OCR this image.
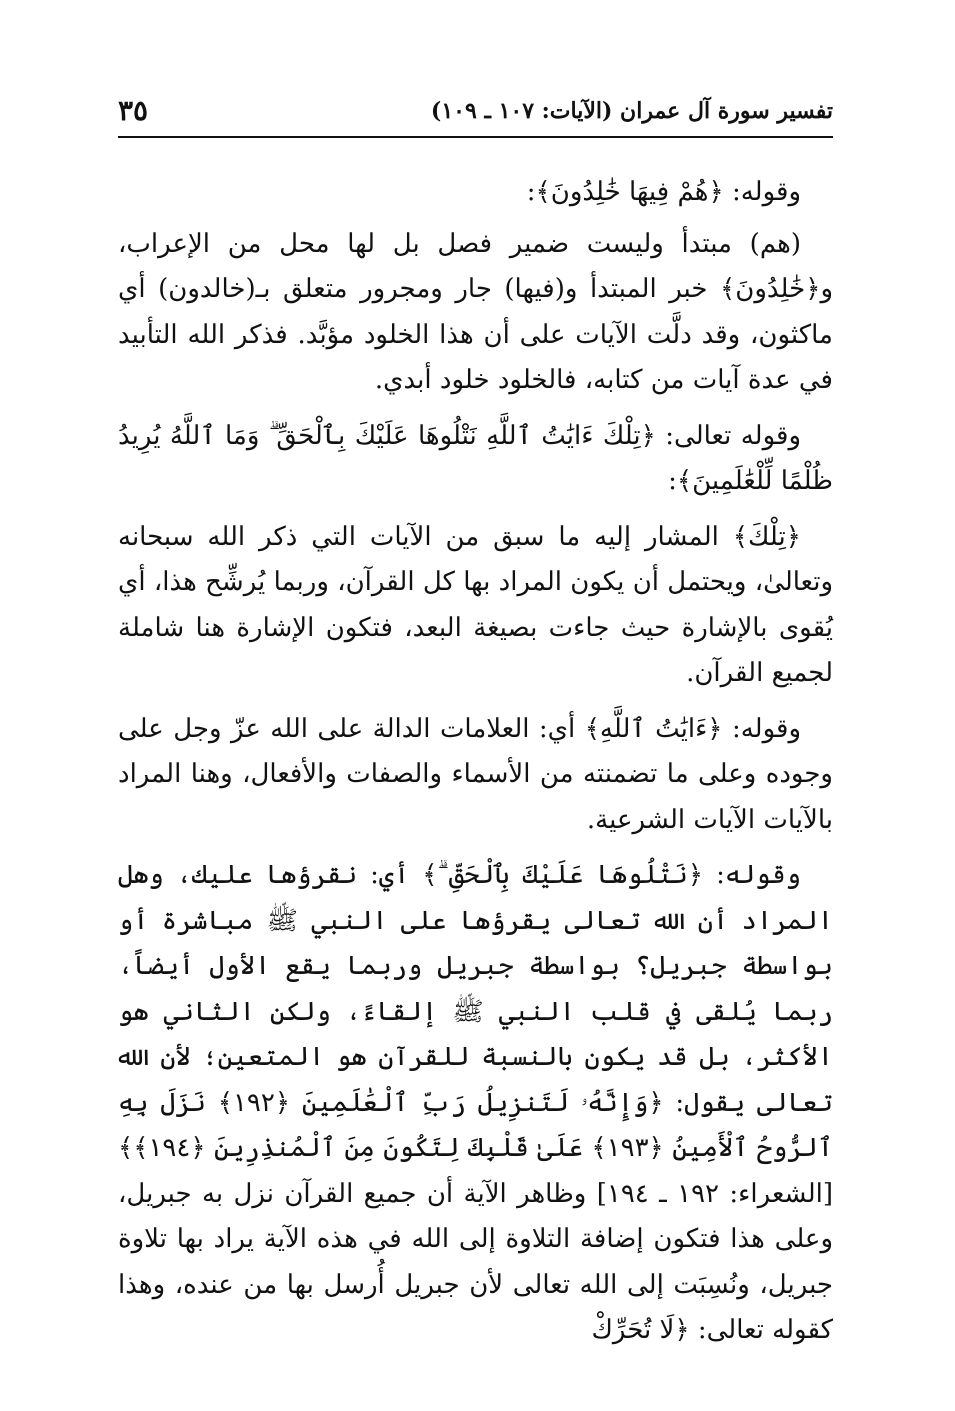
تفسير سورة آل عمران (الآيات: ١٠٧ ـ ١٠٩)
٣٥

وقوله: ﴿هُمْ فِيهَا خَٰلِدُونَ﴾:

(هم) مبتدأ وليست ضمير فصل بل لها محل من الإعراب، و﴿خَٰلِدُونَ﴾ خبر المبتدأ و(فيها) جار ومجرور متعلق بـ(خالدون) أي ماكثون، وقد دلَّت الآيات على أن هذا الخلود مؤبَّد. فذكر الله التأبيد في عدة آيات من كتابه، فالخلود خلود أبدي.

وقوله تعالى: ﴿تِلْكَ ءَايَٰتُ ٱللَّهِ نَتْلُوهَا عَلَيْكَ بِٱلْحَقِّ ۗ وَمَا ٱللَّهُ يُرِيدُ ظُلْمًا لِّلْعَٰلَمِينَ﴾:

﴿تِلْكَ﴾ المشار إليه ما سبق من الآيات التي ذكر الله سبحانه وتعالىٰ، ويحتمل أن يكون المراد بها كل القرآن، وربما يُرشِّح هذا، أي يُقوى بالإشارة حيث جاءت بصيغة البعد، فتكون الإشارة هنا شاملة لجميع القرآن.

وقوله: ﴿ءَايَٰتُ ٱللَّهِ﴾ أي: العلامات الدالة على الله عزّ وجل على وجوده وعلى ما تضمنته من الأسماء والصفات والأفعال، وهنا المراد بالآيات الآيات الشرعية.

وقوله: ﴿نَتْلُوهَا عَلَيْكَ بِٱلْحَقِّ ۗ﴾ أي: نقرؤها عليك، وهل المراد أن الله تعالى يقرؤها على النبي ﷺ مباشرة أو بواسطة جبريل؟ بواسطة جبريل وربما يقع الأول أيضاً، ربما يُلقى في قلب النبي ﷺ إلقاءً، ولكن الثاني هو الأكثر، بل قد يكون بالنسبة للقرآن هو المتعين؛ لأن الله تعالى يقول: ﴿وَإِنَّهُۥ لَتَنزِيلُ رَبِّ ٱلْعَٰلَمِينَ ﴿١٩٢﴾ نَزَلَ بِهِ ٱلرُّوحُ ٱلْأَمِينُ ﴿١٩٣﴾ عَلَىٰ قَلْبِكَ لِتَكُونَ مِنَ ٱلْمُنذِرِينَ ﴿١٩٤﴾﴾ [الشعراء: ١٩٢ ـ ١٩٤] وظاهر الآية أن جميع القرآن نزل به جبريل، وعلى هذا فتكون إضافة التلاوة إلى الله في هذه الآية يراد بها تلاوة جبريل، ونُسِبَت إلى الله تعالى لأن جبريل أُرسل بها من عنده، وهذا كقوله تعالى: ﴿لَا تُحَرِّكْ
